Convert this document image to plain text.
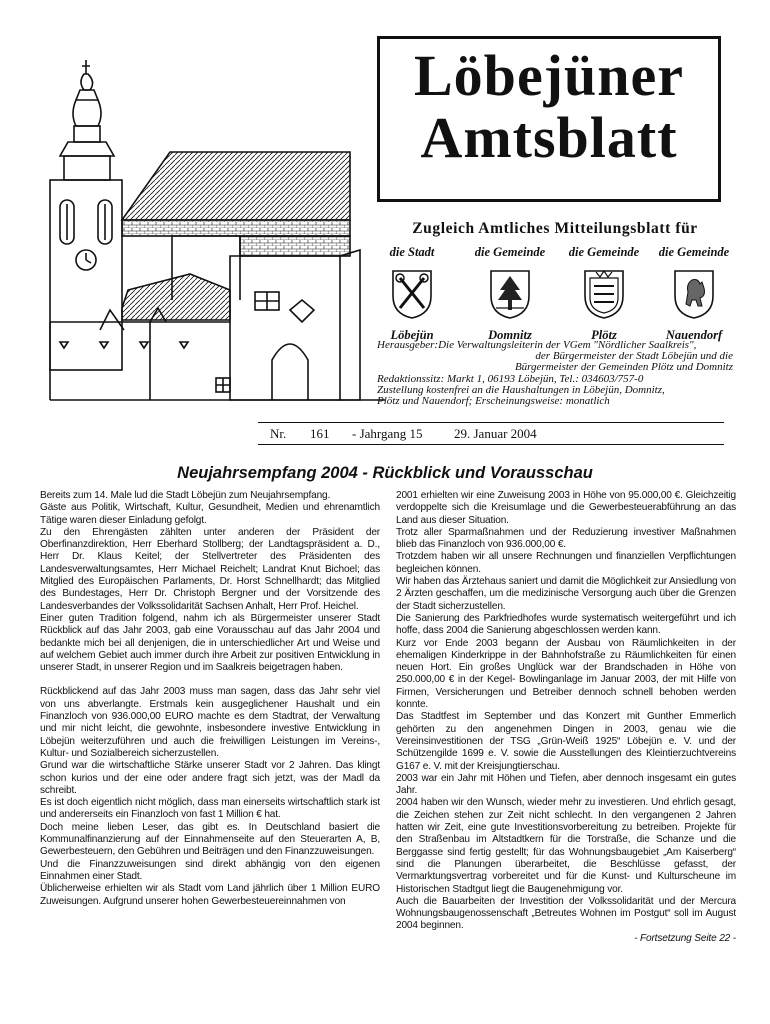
Löbejüner
Amtsblatt
Zugleich Amtliches Mitteilungsblatt für
die Stadt
Löbejün
die Gemeinde
Domnitz
die Gemeinde
Plötz
die Gemeinde
Nauendorf
Herausgeber:Die Verwaltungsleiterin der VGem "Nördlicher Saalkreis",
der Bürgermeister der Stadt Löbejün und die
Bürgermeister der Gemeinden Plötz und Domnitz
Redaktionssitz: Markt 1, 06193 Löbejün, Tel.: 034603/757-0
Zustellung kostenfrei an die Haushaltungen in Löbejün, Domnitz,
Plötz und Nauendorf; Erscheinungsweise: monatlich
Nr. 161 - Jahrgang 15 29. Januar 2004
Neujahrsempfang 2004 - Rückblick und Vorausschau

Bereits zum 14. Male lud die Stadt Löbejün zum Neujahrsempfang.

Gäste aus Politik, Wirtschaft, Kultur, Gesundheit, Medien und ehrenamtlich Tätige waren dieser Einladung gefolgt.

Zu den Ehrengästen zählten unter anderen der Präsident der Oberfinanzdirektion, Herr Eberhard Stollberg; der Landtagspräsident a. D., Herr Dr. Klaus Keitel; der Stellvertreter des Präsidenten des Landesverwaltungsamtes, Herr Michael Reichelt; Landrat Knut Bichoel; das Mitglied des Europäischen Parlaments, Dr. Horst Schnellhardt; das Mitglied des Bundestages, Herr Dr. Christoph Bergner und der Vorsitzende des Landesverbandes der Volkssolidarität Sachsen Anhalt, Herr Prof. Heichel.

Einer guten Tradition folgend, nahm ich als Bürgermeister unserer Stadt Rückblick auf das Jahr 2003, gab eine Vorausschau auf das Jahr 2004 und bedankte mich bei all denjenigen, die in unterschiedlicher Art und Weise und auf welchem Gebiet auch immer durch ihre Arbeit zur positiven Entwicklung in unserer Stadt, in unserer Region und im Saalkreis beigetragen haben.

Rückblickend auf das Jahr 2003 muss man sagen, dass das Jahr sehr viel von uns abverlangte. Erstmals kein ausgeglichener Haushalt und ein Finanzloch von 936.000,00 EURO machte es dem Stadtrat, der Verwaltung und mir nicht leicht, die gewohnte, insbesondere investive Entwicklung in Löbejün weiterzuführen und auch die freiwilligen Leistungen im Vereins-, Kultur- und Sozialbereich sicherzustellen.

Grund war die wirtschaftliche Stärke unserer Stadt vor 2 Jahren. Das klingt schon kurios und der eine oder andere fragt sich jetzt, was der Madl da schreibt.

Es ist doch eigentlich nicht möglich, dass man einerseits wirtschaftlich stark ist und andererseits ein Finanzloch von fast 1 Million € hat.

Doch meine lieben Leser, das gibt es. In Deutschland basiert die Kommunalfinanzierung auf der Einnahmenseite auf den Steuerarten A, B, Gewerbesteuern, den Gebühren und Beiträgen und den Finanzzuweisungen.

Und die Finanzzuweisungen sind direkt abhängig von den eigenen Einnahmen einer Stadt.

Üblicherweise erhielten wir als Stadt vom Land jährlich über 1 Million EURO Zuweisungen. Aufgrund unserer hohen Gewerbesteuereinnahmen von

2001 erhielten wir eine Zuweisung 2003 in Höhe von 95.000,00 €. Gleichzeitig verdoppelte sich die Kreisumlage und die Gewerbesteuerabführung an das Land aus dieser Situation.

Trotz aller Sparmaßnahmen und der Reduzierung investiver Maßnahmen blieb das Finanzloch von 936.000,00 €.

Trotzdem haben wir all unsere Rechnungen und finanziellen Verpflichtungen begleichen können.

Wir haben das Ärztehaus saniert und damit die Möglichkeit zur Ansiedlung von 2 Ärzten geschaffen, um die medizinische Versorgung auch über die Grenzen der Stadt sicherzustellen.

Die Sanierung des Parkfriedhofes wurde systematisch weitergeführt und ich hoffe, dass 2004 die Sanierung abgeschlossen werden kann.

Kurz vor Ende 2003 begann der Ausbau von Räumlichkeiten in der ehemaligen Kinderkrippe in der Bahnhofstraße zu Räumlichkeiten für einen neuen Hort. Ein großes Unglück war der Brandschaden in Höhe von 250.000,00 € in der Kegel- Bowlinganlage im Januar 2003, der mit Hilfe von Firmen, Versicherungen und Betreiber dennoch schnell behoben werden konnte.

Das Stadtfest im September und das Konzert mit Gunther Emmerlich gehörten zu den angenehmen Dingen in 2003, genau wie die Vereinsinvestitionen der TSG „Grün-Weiß 1925“ Löbejün e. V. und der Schützengilde 1699 e. V. sowie die Ausstellungen des Kleintierzuchtvereins G167 e. V. mit der Kreisjungtierschau.

2003 war ein Jahr mit Höhen und Tiefen, aber dennoch insgesamt ein gutes Jahr.

2004 haben wir den Wunsch, wieder mehr zu investieren. Und ehrlich gesagt, die Zeichen stehen zur Zeit nicht schlecht. In den vergangenen 2 Jahren hatten wir Zeit, eine gute Investitionsvorbereitung zu betreiben. Projekte für den Straßenbau im Altstadtkern für die Torstraße, die Schanze und die Berggasse sind fertig gestellt; für das Wohnungsbaugebiet „Am Kaiserberg“ sind die Planungen überarbeitet, die Beschlüsse gefasst, der Vermarktungsvertrag vorbereitet und für die Kunst- und Kulturscheune im Historischen Stadtgut liegt die Baugenehmigung vor.

Auch die Bauarbeiten der Investition der Volkssolidarität und der Mercura Wohnungsbaugenossenschaft „Betreutes Wohnen im Postgut“ soll im August 2004 beginnen.

- Fortsetzung Seite 22 -
